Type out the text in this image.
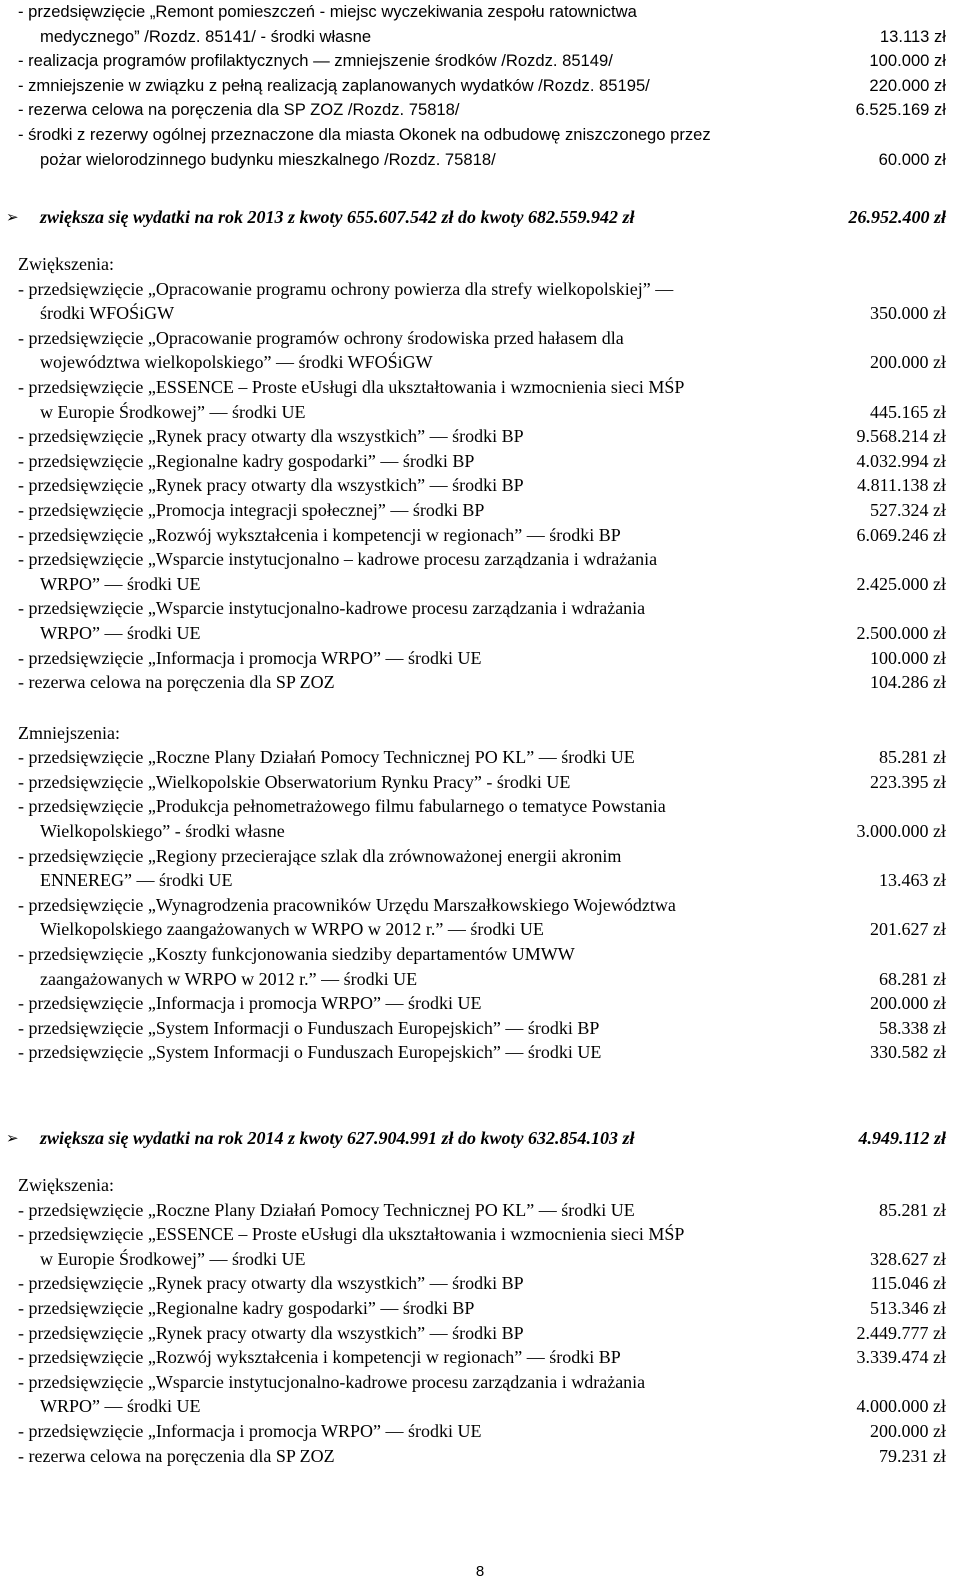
- przedsięwzięcie „Remont pomieszczeń - miejsc wyczekiwania zespołu ratownictwa
medycznego” /Rozdz. 85141/ - środki własne	13.113 zł
- realizacja programów profilaktycznych — zmniejszenie środków /Rozdz. 85149/	100.000 zł
- zmniejszenie w związku z pełną realizacją zaplanowanych wydatków /Rozdz. 85195/	220.000 zł
- rezerwa celowa na poręczenia dla SP ZOZ /Rozdz. 75818/	6.525.169 zł
- środki z rezerwy ogólnej przeznaczone dla miasta Okonek na odbudowę zniszczonego przez
pożar wielorodzinnego budynku mieszkalnego /Rozdz. 75818/	60.000 zł
➢ zwiększa się wydatki na rok 2013 z kwoty 655.607.542 zł do kwoty 682.559.942 zł	26.952.400 zł
Zwiększenia:
- przedsięwzięcie „Opracowanie programu ochrony powierza dla strefy wielkopolskiej” —
środki WFOŚiGW	350.000 zł
- przedsięwzięcie „Opracowanie programów ochrony środowiska przed hałasem dla
województwa wielkopolskiego” — środki WFOŚiGW	200.000 zł
- przedsięwzięcie „ESSENCE – Proste eUsługi dla ukształtowania i wzmocnienia sieci MŚP
w Europie Środkowej” — środki UE	445.165 zł
- przedsięwzięcie „Rynek pracy otwarty dla wszystkich” — środki BP	9.568.214 zł
- przedsięwzięcie „Regionalne kadry gospodarki” — środki BP	4.032.994 zł
- przedsięwzięcie „Rynek pracy otwarty dla wszystkich” — środki BP	4.811.138 zł
- przedsięwzięcie „Promocja integracji społecznej” — środki BP	527.324 zł
- przedsięwzięcie „Rozwój wykształcenia i kompetencji w regionach” — środki BP	6.069.246 zł
- przedsięwzięcie „Wsparcie instytucjonalno – kadrowe procesu zarządzania i wdrażania
WRPO” — środki UE	2.425.000 zł
- przedsięwzięcie „Wsparcie instytucjonalno-kadrowe procesu zarządzania i wdrażania
WRPO” — środki UE	2.500.000 zł
- przedsięwzięcie „Informacja i promocja WRPO” — środki UE	100.000 zł
- rezerwa celowa na poręczenia dla SP ZOZ	104.286 zł
Zmniejszenia:
- przedsięwzięcie „Roczne Plany Działań Pomocy Technicznej PO KL” — środki UE	85.281 zł
- przedsięwzięcie „Wielkopolskie Obserwatorium Rynku Pracy” - środki UE	223.395 zł
- przedsięwzięcie „Produkcja pełnometrażowego filmu fabularnego o tematyce Powstania
Wielkopolskiego” - środki własne	3.000.000 zł
- przedsięwzięcie „Regiony przecierające szlak dla zrównoważonej energii akronim
ENNEREG” — środki UE	13.463 zł
- przedsięwzięcie „Wynagrodzenia pracowników Urzędu Marszałkowskiego Województwa
Wielkopolskiego zaangażowanych w WRPO w 2012 r.” — środki UE	201.627 zł
- przedsięwzięcie „Koszty funkcjonowania siedziby departamentów UMWW
zaangażowanych w WRPO w 2012 r.” — środki UE	68.281 zł
- przedsięwzięcie „Informacja i promocja WRPO” — środki UE	200.000 zł
- przedsięwzięcie „System Informacji o Funduszach Europejskich” — środki BP	58.338 zł
- przedsięwzięcie „System Informacji o Funduszach Europejskich” — środki UE	330.582 zł
➢ zwiększa się wydatki na rok 2014 z kwoty 627.904.991 zł do kwoty 632.854.103 zł	4.949.112 zł
Zwiększenia:
- przedsięwzięcie „Roczne Plany Działań Pomocy Technicznej PO KL” — środki UE	85.281 zł
- przedsięwzięcie „ESSENCE – Proste eUsługi dla ukształtowania i wzmocnienia sieci MŚP
w Europie Środkowej” — środki UE	328.627 zł
- przedsięwzięcie „Rynek pracy otwarty dla wszystkich” — środki BP	115.046 zł
- przedsięwzięcie „Regionalne kadry gospodarki” — środki BP	513.346 zł
- przedsięwzięcie „Rynek pracy otwarty dla wszystkich” — środki BP	2.449.777 zł
- przedsięwzięcie „Rozwój wykształcenia i kompetencji w regionach” — środki BP	3.339.474 zł
- przedsięwzięcie „Wsparcie instytucjonalno-kadrowe procesu zarządzania i wdrażania
WRPO” — środki UE	4.000.000 zł
- przedsięwzięcie „Informacja i promocja WRPO” — środki UE	200.000 zł
- rezerwa celowa na poręczenia dla SP ZOZ	79.231 zł
8
